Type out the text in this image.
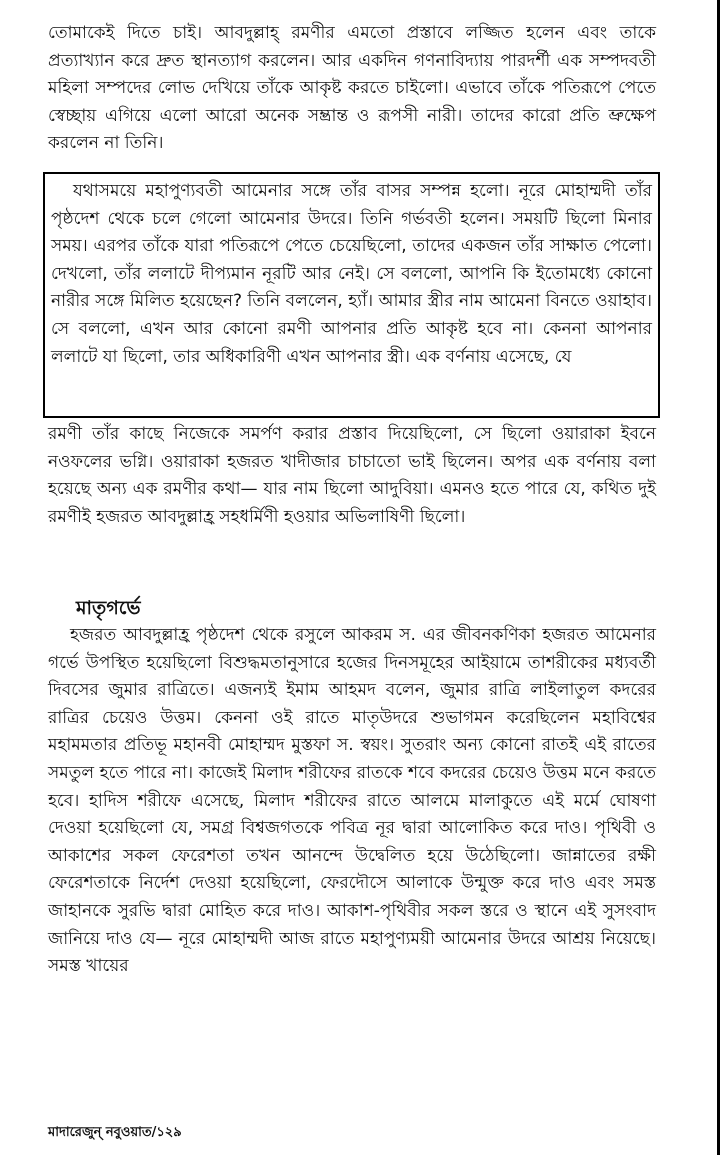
তোমাকেই দিতে চাই। আবদুল্লাহ্ রমণীর এমতো প্রস্তাবে লজ্জিত হলেন এবং তাকে প্রত্যাখ্যান করে দ্রুত স্থানত্যাগ করলেন। আর একদিন গণনাবিদ্যায় পারদর্শী এক সম্পদবতী মহিলা সম্পদের লোভ দেখিয়ে তাঁকে আকৃষ্ট করতে চাইলো। এভাবে তাঁকে পতিরূপে পেতে স্বেচ্ছায় এগিয়ে এলো আরো অনেক সম্ভ্রান্ত ও রূপসী নারী। তাদের কারো প্রতি ভ্রুক্ষেপ করলেন না তিনি।

যথাসময়ে মহাপুণ্যবতী আমেনার সঙ্গে তাঁর বাসর সম্পন্ন হলো। নূরে মোহাম্মদী তাঁর পৃষ্ঠদেশ থেকে চলে গেলো আমেনার উদরে। তিনি গর্ভবতী হলেন। সময়টি ছিলো মিনার সময়। এরপর তাঁকে যারা পতিরূপে পেতে চেয়েছিলো, তাদের একজন তাঁর সাক্ষাত পেলো। দেখলো, তাঁর ললাটে দীপ্যমান নূরটি আর নেই। সে বললো, আপনি কি ইতোমধ্যে কোনো নারীর সঙ্গে মিলিত হয়েছেন? তিনি বললেন, হ্যাঁ। আমার স্ত্রীর নাম আমেনা বিনতে ওয়াহাব। সে বললো, এখন আর কোনো রমণী আপনার প্রতি আকৃষ্ট হবে না। কেননা আপনার ললাটে যা ছিলো, তার অধিকারিণী এখন আপনার স্ত্রী। এক বর্ণনায় এসেছে, যে

রমণী তাঁর কাছে নিজেকে সমর্পণ করার প্রস্তাব দিয়েছিলো, সে ছিলো ওয়ারাকা ইবনে নওফলের ভগ্নি। ওয়ারাকা হজরত খাদীজার চাচাতো ভাই ছিলেন। অপর এক বর্ণনায় বলা হয়েছে অন্য এক রমণীর কথা— যার নাম ছিলো আদুবিয়া। এমনও হতে পারে যে, কথিত দুই রমণীই হজরত আবদুল্লাহ্র সহধর্মিণী হওয়ার অভিলাষিণী ছিলো।

মাতৃগর্ভে

হজরত আবদুল্লাহ্র পৃষ্ঠদেশ থেকে রসুলে আকরম স. এর জীবনকণিকা হজরত আমেনার গর্ভে উপস্থিত হয়েছিলো বিশুদ্ধমতানুসারে হজের দিনসমূহের আইয়ামে তাশরীকের মধ্যবর্তী দিবসের জুমার রাত্রিতে। এজন্যই ইমাম আহমদ বলেন, জুমার রাত্রি লাইলাতুল কদরের রাত্রির চেয়েও উত্তম। কেননা ওই রাতে মাতৃউদরে শুভাগমন করেছিলেন মহাবিশ্বের মহামমতার প্রতিভূ মহানবী মোহাম্মদ মুস্তফা স. স্বয়ং। সুতরাং অন্য কোনো রাতই এই রাতের সমতুল হতে পারে না। কাজেই মিলাদ শরীফের রাতকে শবে কদরের চেয়েও উত্তম মনে করতে হবে। হাদিস শরীফে এসেছে, মিলাদ শরীফের রাতে আলমে মালাকুতে এই মর্মে ঘোষণা দেওয়া হয়েছিলো যে, সমগ্র বিশ্বজগতকে পবিত্র নূর দ্বারা আলোকিত করে দাও। পৃথিবী ও আকাশের সকল ফেরেশতা তখন আনন্দে উদ্বেলিত হয়ে উঠেছিলো। জান্নাতের রক্ষী ফেরেশতাকে নির্দেশ দেওয়া হয়েছিলো, ফেরদৌসে আলাকে উন্মুক্ত করে দাও এবং সমস্ত জাহানকে সুরভি দ্বারা মোহিত করে দাও। আকাশ-পৃথিবীর সকল স্তরে ও স্থানে এই সুসংবাদ জানিয়ে দাও যে— নূরে মোহাম্মদী আজ রাতে মহাপুণ্যময়ী আমেনার উদরে আশ্রয় নিয়েছে। সমস্ত খায়ের

মাদারেজুন্ নবুওয়াত/১২৯
